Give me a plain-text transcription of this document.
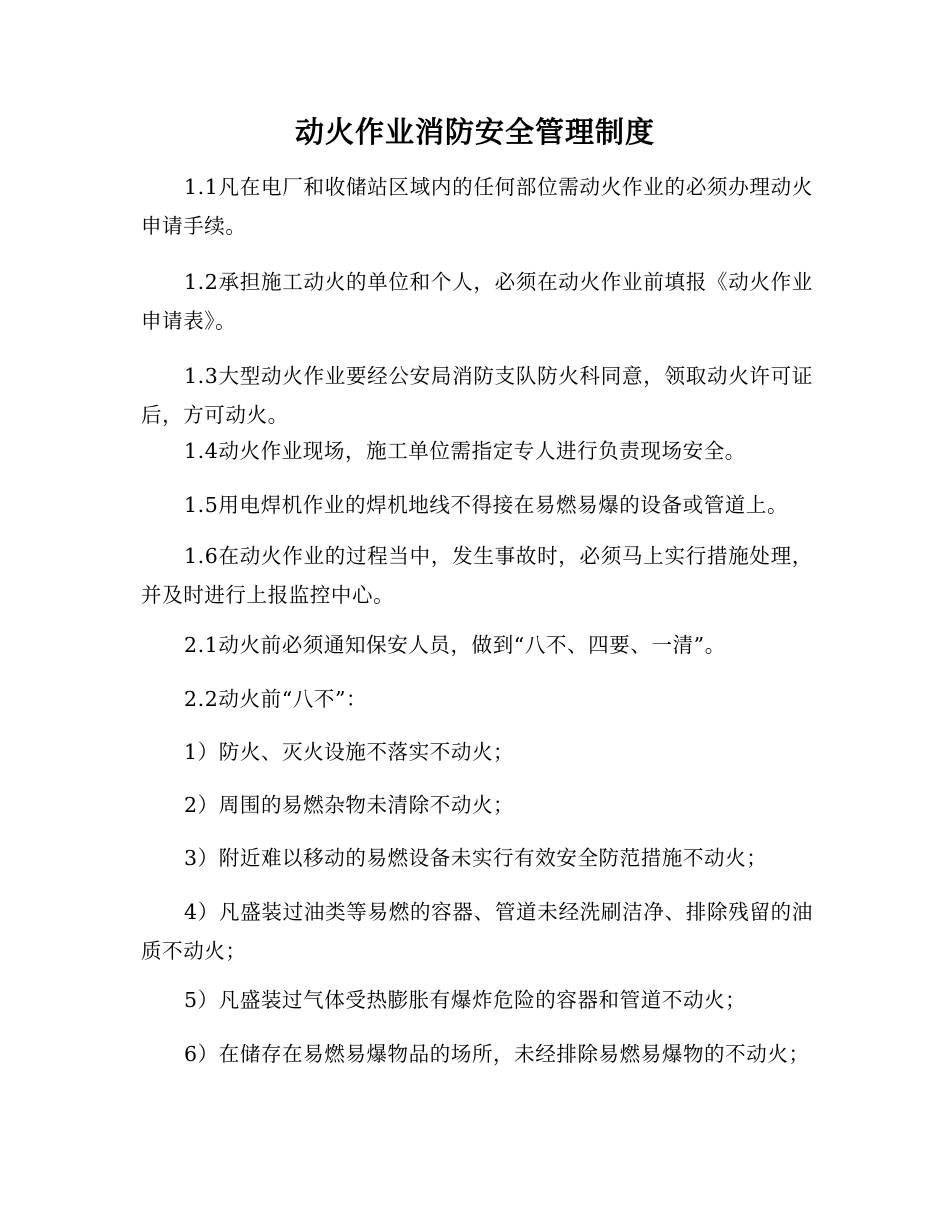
动火作业消防安全管理制度
1.1凡在电厂和收储站区域内的任何部位需动火作业的必须办理动火申请手续。
1.2承担施工动火的单位和个人，必须在动火作业前填报《动火作业申请表》。
1.3大型动火作业要经公安局消防支队防火科同意，领取动火许可证后，方可动火。
1.4动火作业现场，施工单位需指定专人进行负责现场安全。
1.5用电焊机作业的焊机地线不得接在易燃易爆的设备或管道上。
1.6在动火作业的过程当中，发生事故时，必须马上实行措施处理，并及时进行上报监控中心。
2.1动火前必须通知保安人员，做到“八不、四要、一清”。
2.2动火前“八不”：
1）防火、灭火设施不落实不动火；
2）周围的易燃杂物未清除不动火；
3）附近难以移动的易燃设备未实行有效安全防范措施不动火；
4）凡盛装过油类等易燃的容器、管道未经洗刷洁净、排除残留的油质不动火；
5）凡盛装过气体受热膨胀有爆炸危险的容器和管道不动火；
6）在储存在易燃易爆物品的场所，未经排除易燃易爆物的不动火；
